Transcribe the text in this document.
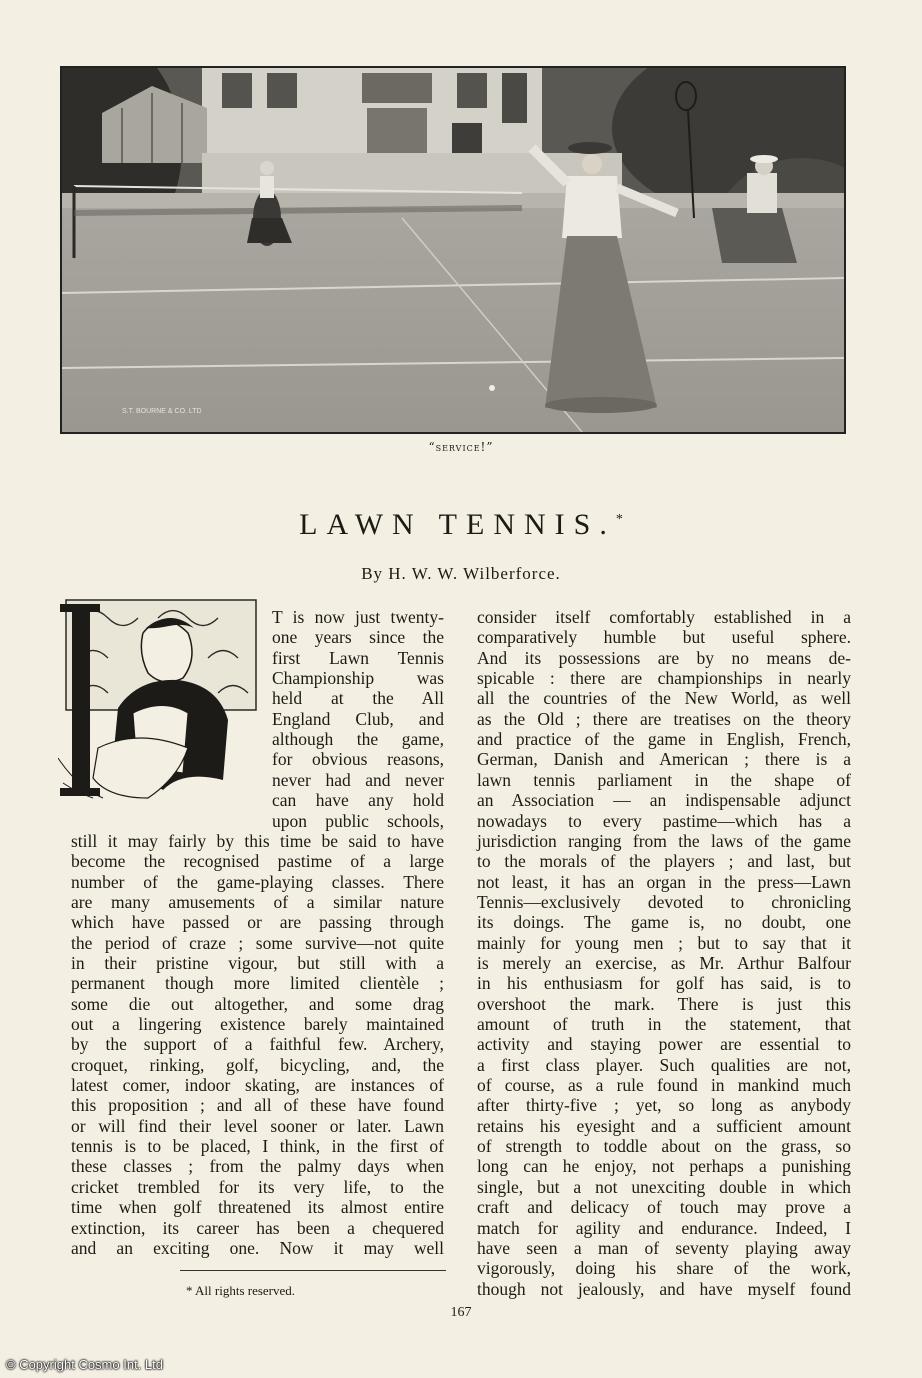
S.T. BOURNE & CO. LTD
“service!”
LAWN TENNIS.*
By H. W. W. Wilberforce.
T is now just twenty-
one years since the
first Lawn Tennis
Championship was
held at the All
England Club, and
although the game,
for obvious reasons,
never had and never
can have any hold
upon public schools,
still it may fairly by this time be said to have
become the recognised pastime of a large
number of the game-playing classes. There
are many amusements of a similar nature
which have passed or are passing through
the period of craze ; some survive—not quite
in their pristine vigour, but still with a
permanent though more limited clientèle ;
some die out altogether, and some drag
out a lingering existence barely maintained
by the support of a faithful few. Archery,
croquet, rinking, golf, bicycling, and, the
latest comer, indoor skating, are instances of
this proposition ; and all of these have found
or will find their level sooner or later. Lawn
tennis is to be placed, I think, in the first of
these classes ; from the palmy days when
cricket trembled for its very life, to the
time when golf threatened its almost entire
extinction, its career has been a chequered
and an exciting one. Now it may well
consider itself comfortably established in a
comparatively humble but useful sphere.
And its possessions are by no means de-
spicable : there are championships in nearly
all the countries of the New World, as well
as the Old ; there are treatises on the theory
and practice of the game in English, French,
German, Danish and American ; there is a
lawn tennis parliament in the shape of
an Association — an indispensable adjunct
nowadays to every pastime—which has a
jurisdiction ranging from the laws of the game
to the morals of the players ; and last, but
not least, it has an organ in the press—Lawn
Tennis—exclusively devoted to chronicling
its doings. The game is, no doubt, one
mainly for young men ; but to say that it
is merely an exercise, as Mr. Arthur Balfour
in his enthusiasm for golf has said, is to
overshoot the mark. There is just this
amount of truth in the statement, that
activity and staying power are essential to
a first class player. Such qualities are not,
of course, as a rule found in mankind much
after thirty-five ; yet, so long as anybody
retains his eyesight and a sufficient amount
of strength to toddle about on the grass, so
long can he enjoy, not perhaps a punishing
single, but a not unexciting double in which
craft and delicacy of touch may prove a
match for agility and endurance. Indeed, I
have seen a man of seventy playing away
vigorously, doing his share of the work,
though not jealously, and have myself found
* All rights reserved.
167
© Copyright Cosmo Int. Ltd
